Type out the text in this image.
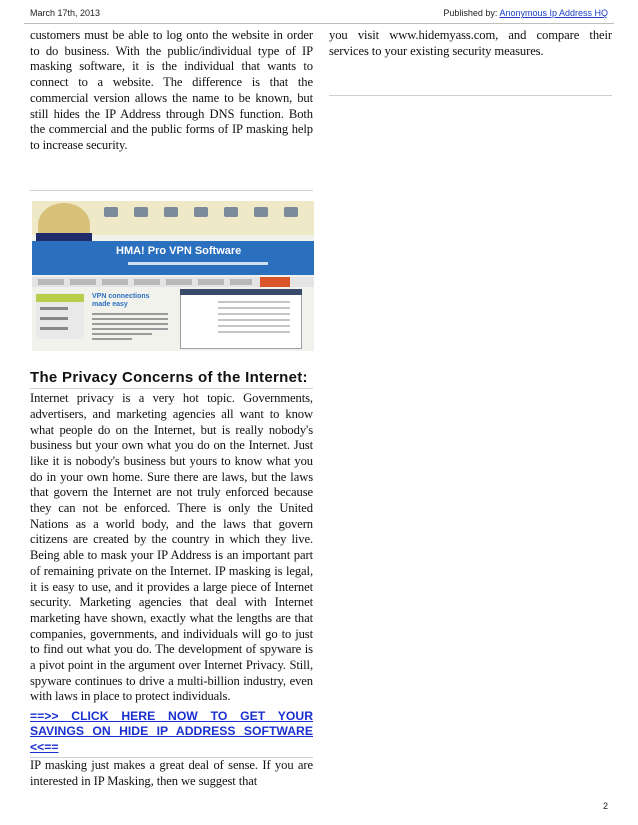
March 17th, 2013	Published by: Anonymous Ip Address HQ

customers must be able to log onto the website in order to do business. With the public/individual type of IP masking software, it is the individual that wants to connect to a website. The difference is that the commercial version allows the name to be known, but still hides the IP Address through DNS function. Both the commercial and the public forms of IP masking help to increase security.

HMA! Pro VPN Software
VPN connections
made easy
The Privacy Concerns of the Internet:

Internet privacy is a very hot topic. Governments, advertisers, and marketing agencies all want to know what people do on the Internet, but is really nobody's business but your own what you do on the Internet. Just like it is nobody's business but yours to know what you do in your own home. Sure there are laws, but the laws that govern the Internet are not truly enforced because they can not be enforced. There is only the United Nations as a world body, and the laws that govern citizens are created by the country in which they live. Being able to mask your IP Address is an important part of remaining private on the Internet. IP masking is legal, it is easy to use, and it provides a large piece of Internet security. Marketing agencies that deal with Internet marketing have shown, exactly what the lengths are that companies, governments, and individuals will go to just to find out what you do. The development of spyware is a pivot point in the argument over Internet Privacy. Still, spyware continues to drive a multi-billion industry, even with laws in place to protect individuals.

==>> CLICK HERE NOW TO GET YOUR SAVINGS ON HIDE IP ADDRESS SOFTWARE <<==

IP masking just makes a great deal of sense. If you are interested in IP Masking, then we suggest that

you visit www.hidemyass.com, and compare their services to your existing security measures.

2
